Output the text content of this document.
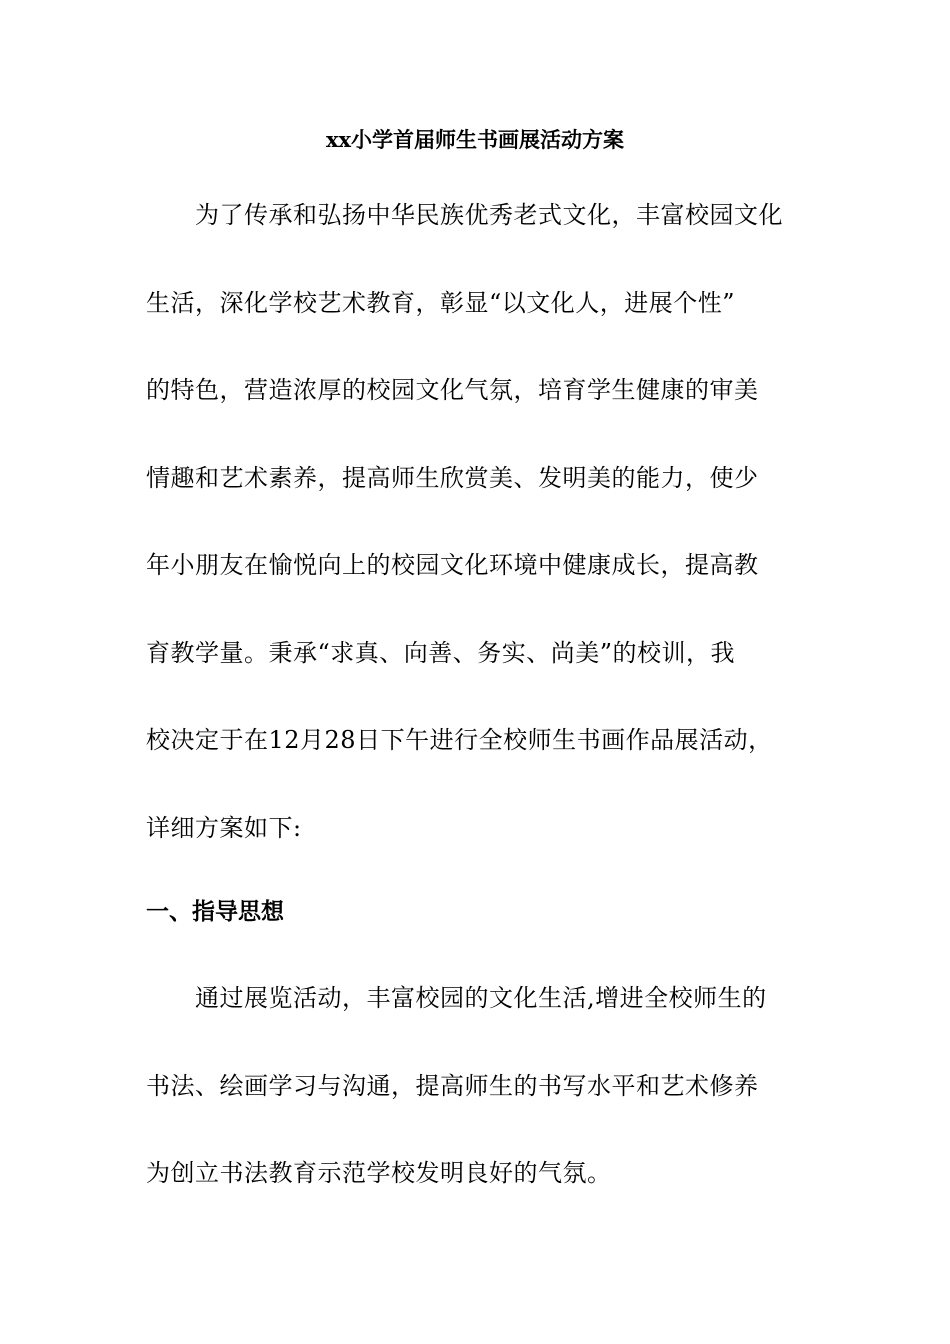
xx小学首届师生书画展活动方案

　　为了传承和弘扬中华民族优秀老式文化，丰富校园文化
生活，深化学校艺术教育，彰显“以文化人，进展个性”
的特色，营造浓厚的校园文化气氛，培育学生健康的审美
情趣和艺术素养，提高师生欣赏美、发明美的能力，使少
年小朋友在愉悦向上的校园文化环境中健康成长，提高教
育教学量。秉承“求真、向善、务实、尚美”的校训，我
校决定于在12月28日下午进行全校师生书画作品展活动，
详细方案如下:

一、指导思想

　　通过展览活动，丰富校园的文化生活,增进全校师生的
书法、绘画学习与沟通，提高师生的书写水平和艺术修养
为创立书法教育示范学校发明良好的气氛。
